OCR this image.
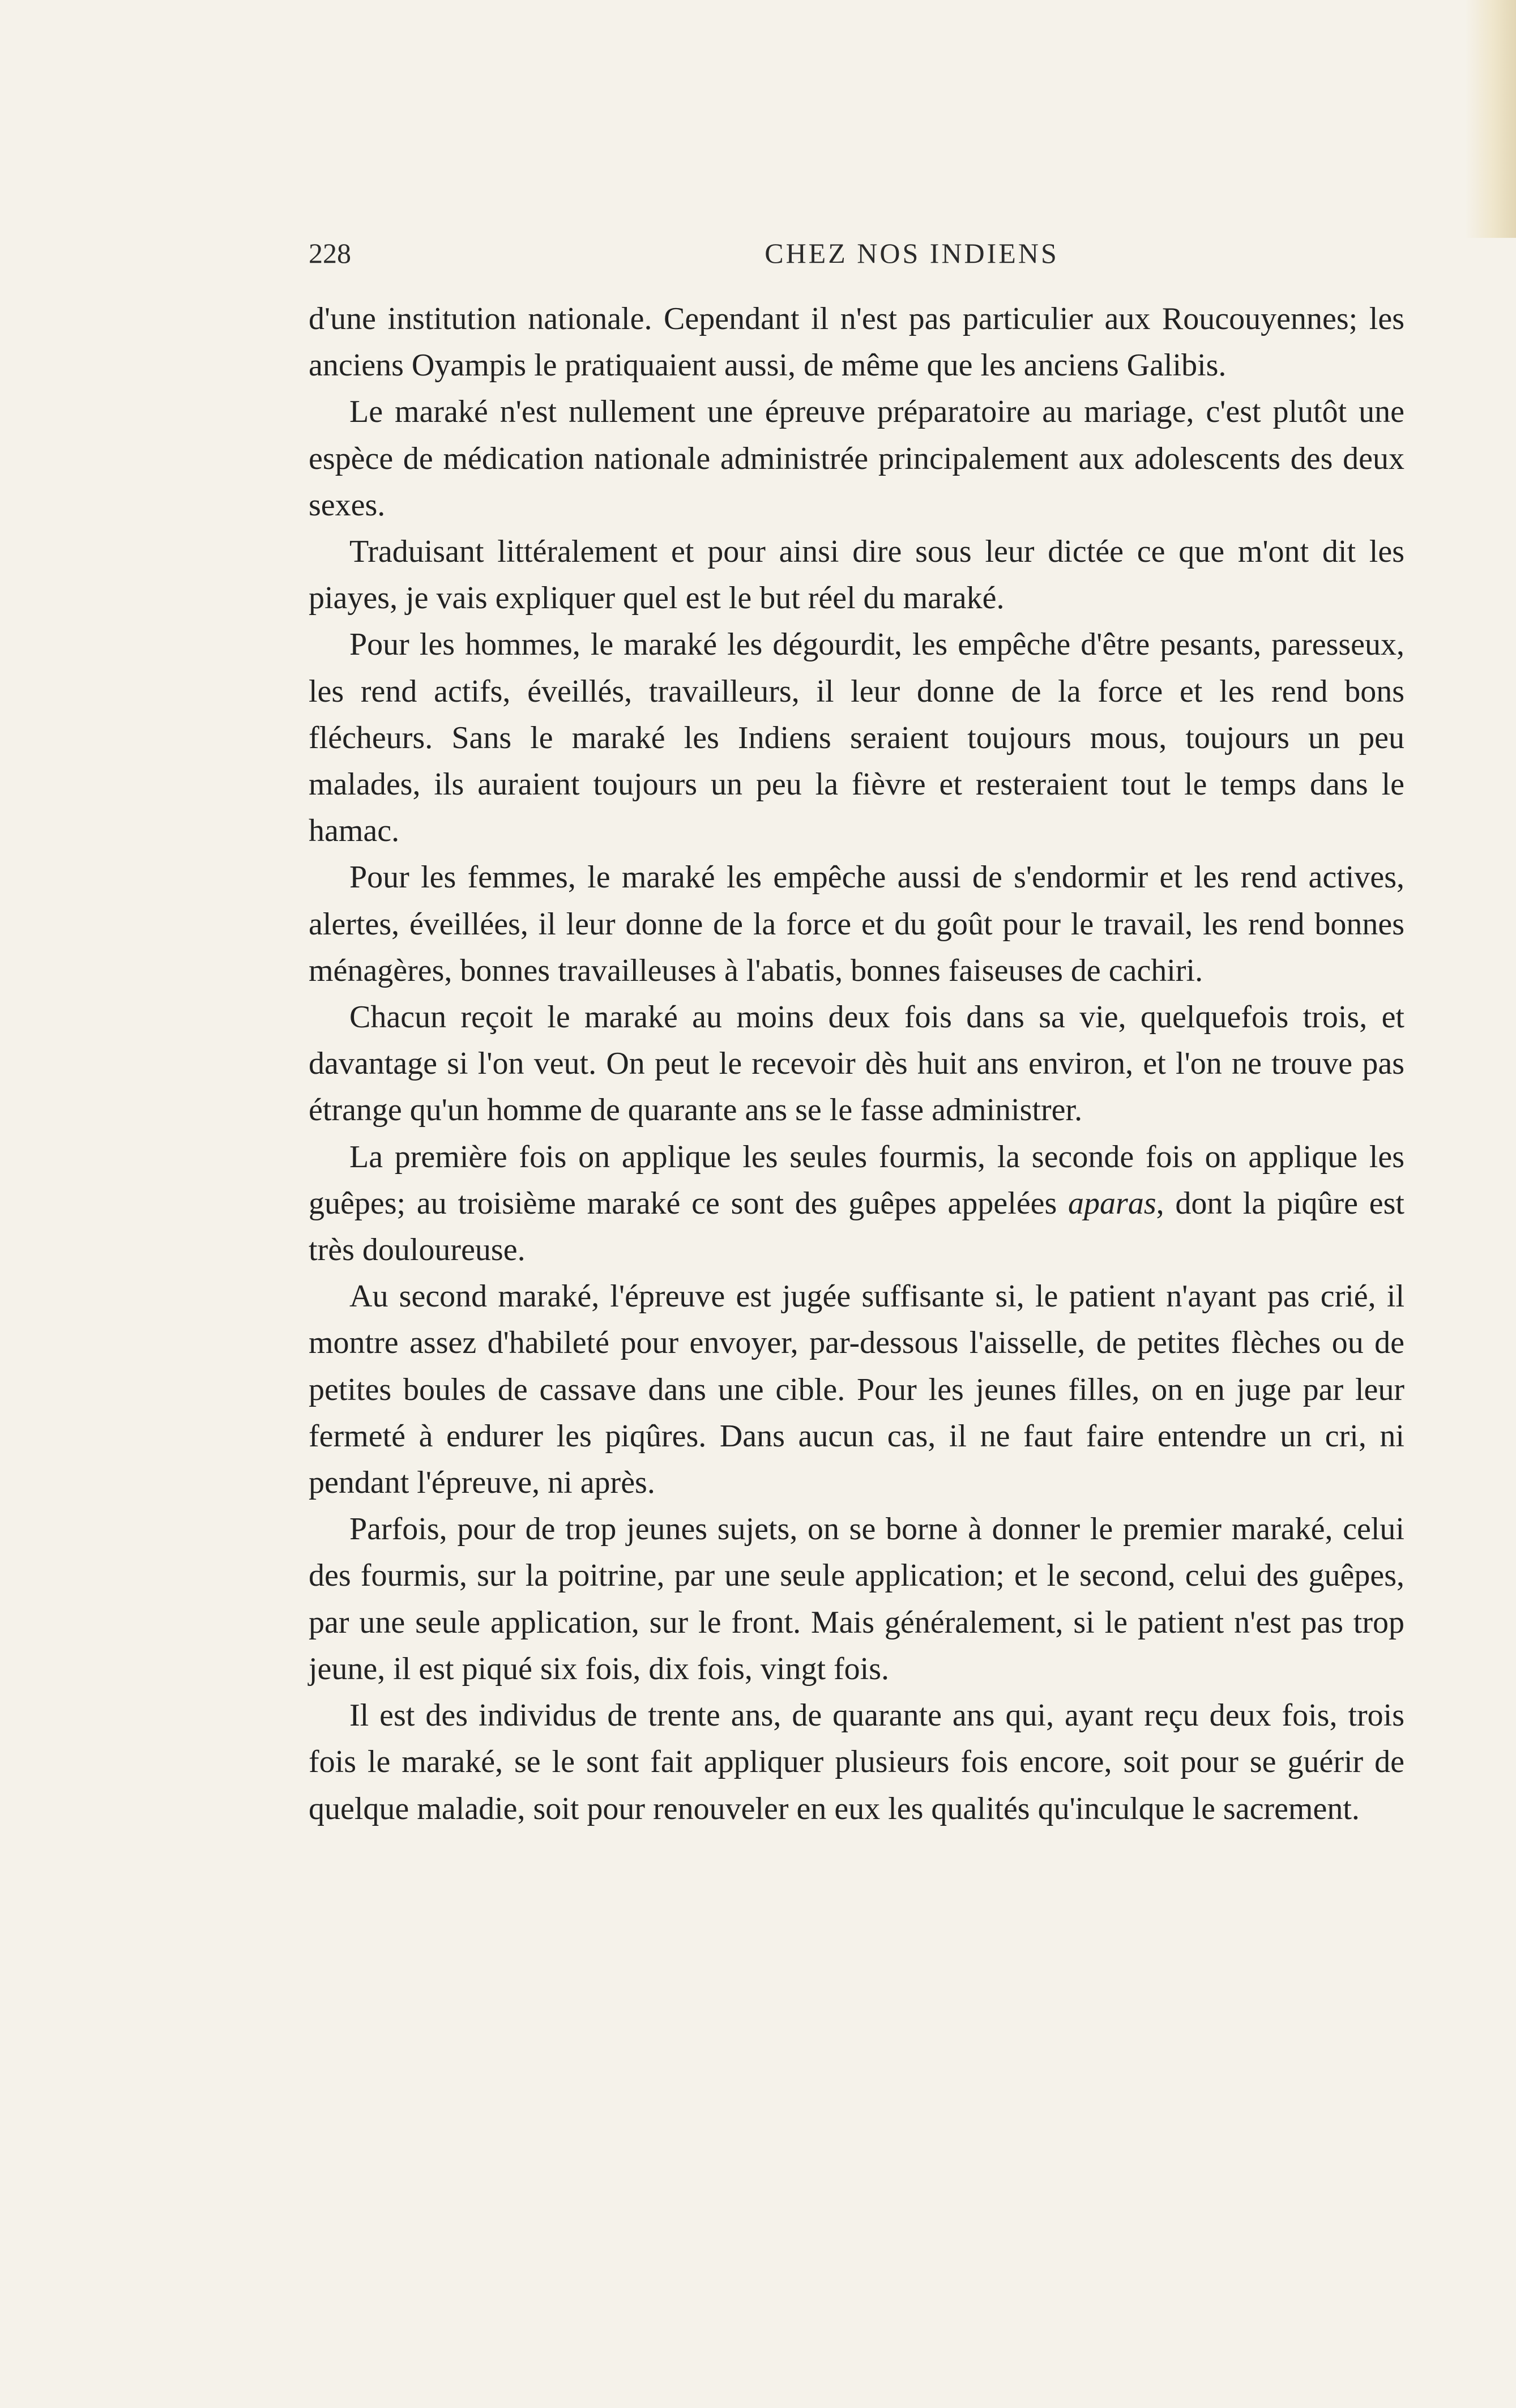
228	CHEZ NOS INDIENS

d'une institution nationale. Cependant il n'est pas particulier aux Roucouyennes; les anciens Oyampis le pratiquaient aussi, de même que les anciens Galibis.

Le maraké n'est nullement une épreuve préparatoire au mariage, c'est plutôt une espèce de médication nationale administrée principalement aux adolescents des deux sexes.

Traduisant littéralement et pour ainsi dire sous leur dictée ce que m'ont dit les piayes, je vais expliquer quel est le but réel du maraké.

Pour les hommes, le maraké les dégourdit, les empêche d'être pesants, paresseux, les rend actifs, éveillés, travailleurs, il leur donne de la force et les rend bons flécheurs. Sans le maraké les Indiens seraient toujours mous, toujours un peu malades, ils auraient toujours un peu la fièvre et resteraient tout le temps dans le hamac.

Pour les femmes, le maraké les empêche aussi de s'endormir et les rend actives, alertes, éveillées, il leur donne de la force et du goût pour le travail, les rend bonnes ménagères, bonnes travailleuses à l'abatis, bonnes faiseuses de cachiri.

Chacun reçoit le maraké au moins deux fois dans sa vie, quelquefois trois, et davantage si l'on veut. On peut le recevoir dès huit ans environ, et l'on ne trouve pas étrange qu'un homme de quarante ans se le fasse administrer.

La première fois on applique les seules fourmis, la seconde fois on applique les guêpes; au troisième maraké ce sont des guêpes appelées aparas, dont la piqûre est très douloureuse.

Au second maraké, l'épreuve est jugée suffisante si, le patient n'ayant pas crié, il montre assez d'habileté pour envoyer, par-dessous l'aisselle, de petites flèches ou de petites boules de cassave dans une cible. Pour les jeunes filles, on en juge par leur fermeté à endurer les piqûres. Dans aucun cas, il ne faut faire entendre un cri, ni pendant l'épreuve, ni après.

Parfois, pour de trop jeunes sujets, on se borne à donner le premier maraké, celui des fourmis, sur la poitrine, par une seule application; et le second, celui des guêpes, par une seule application, sur le front. Mais généralement, si le patient n'est pas trop jeune, il est piqué six fois, dix fois, vingt fois.

Il est des individus de trente ans, de quarante ans qui, ayant reçu deux fois, trois fois le maraké, se le sont fait appliquer plusieurs fois encore, soit pour se guérir de quelque maladie, soit pour renouveler en eux les qualités qu'inculque le sacrement.
